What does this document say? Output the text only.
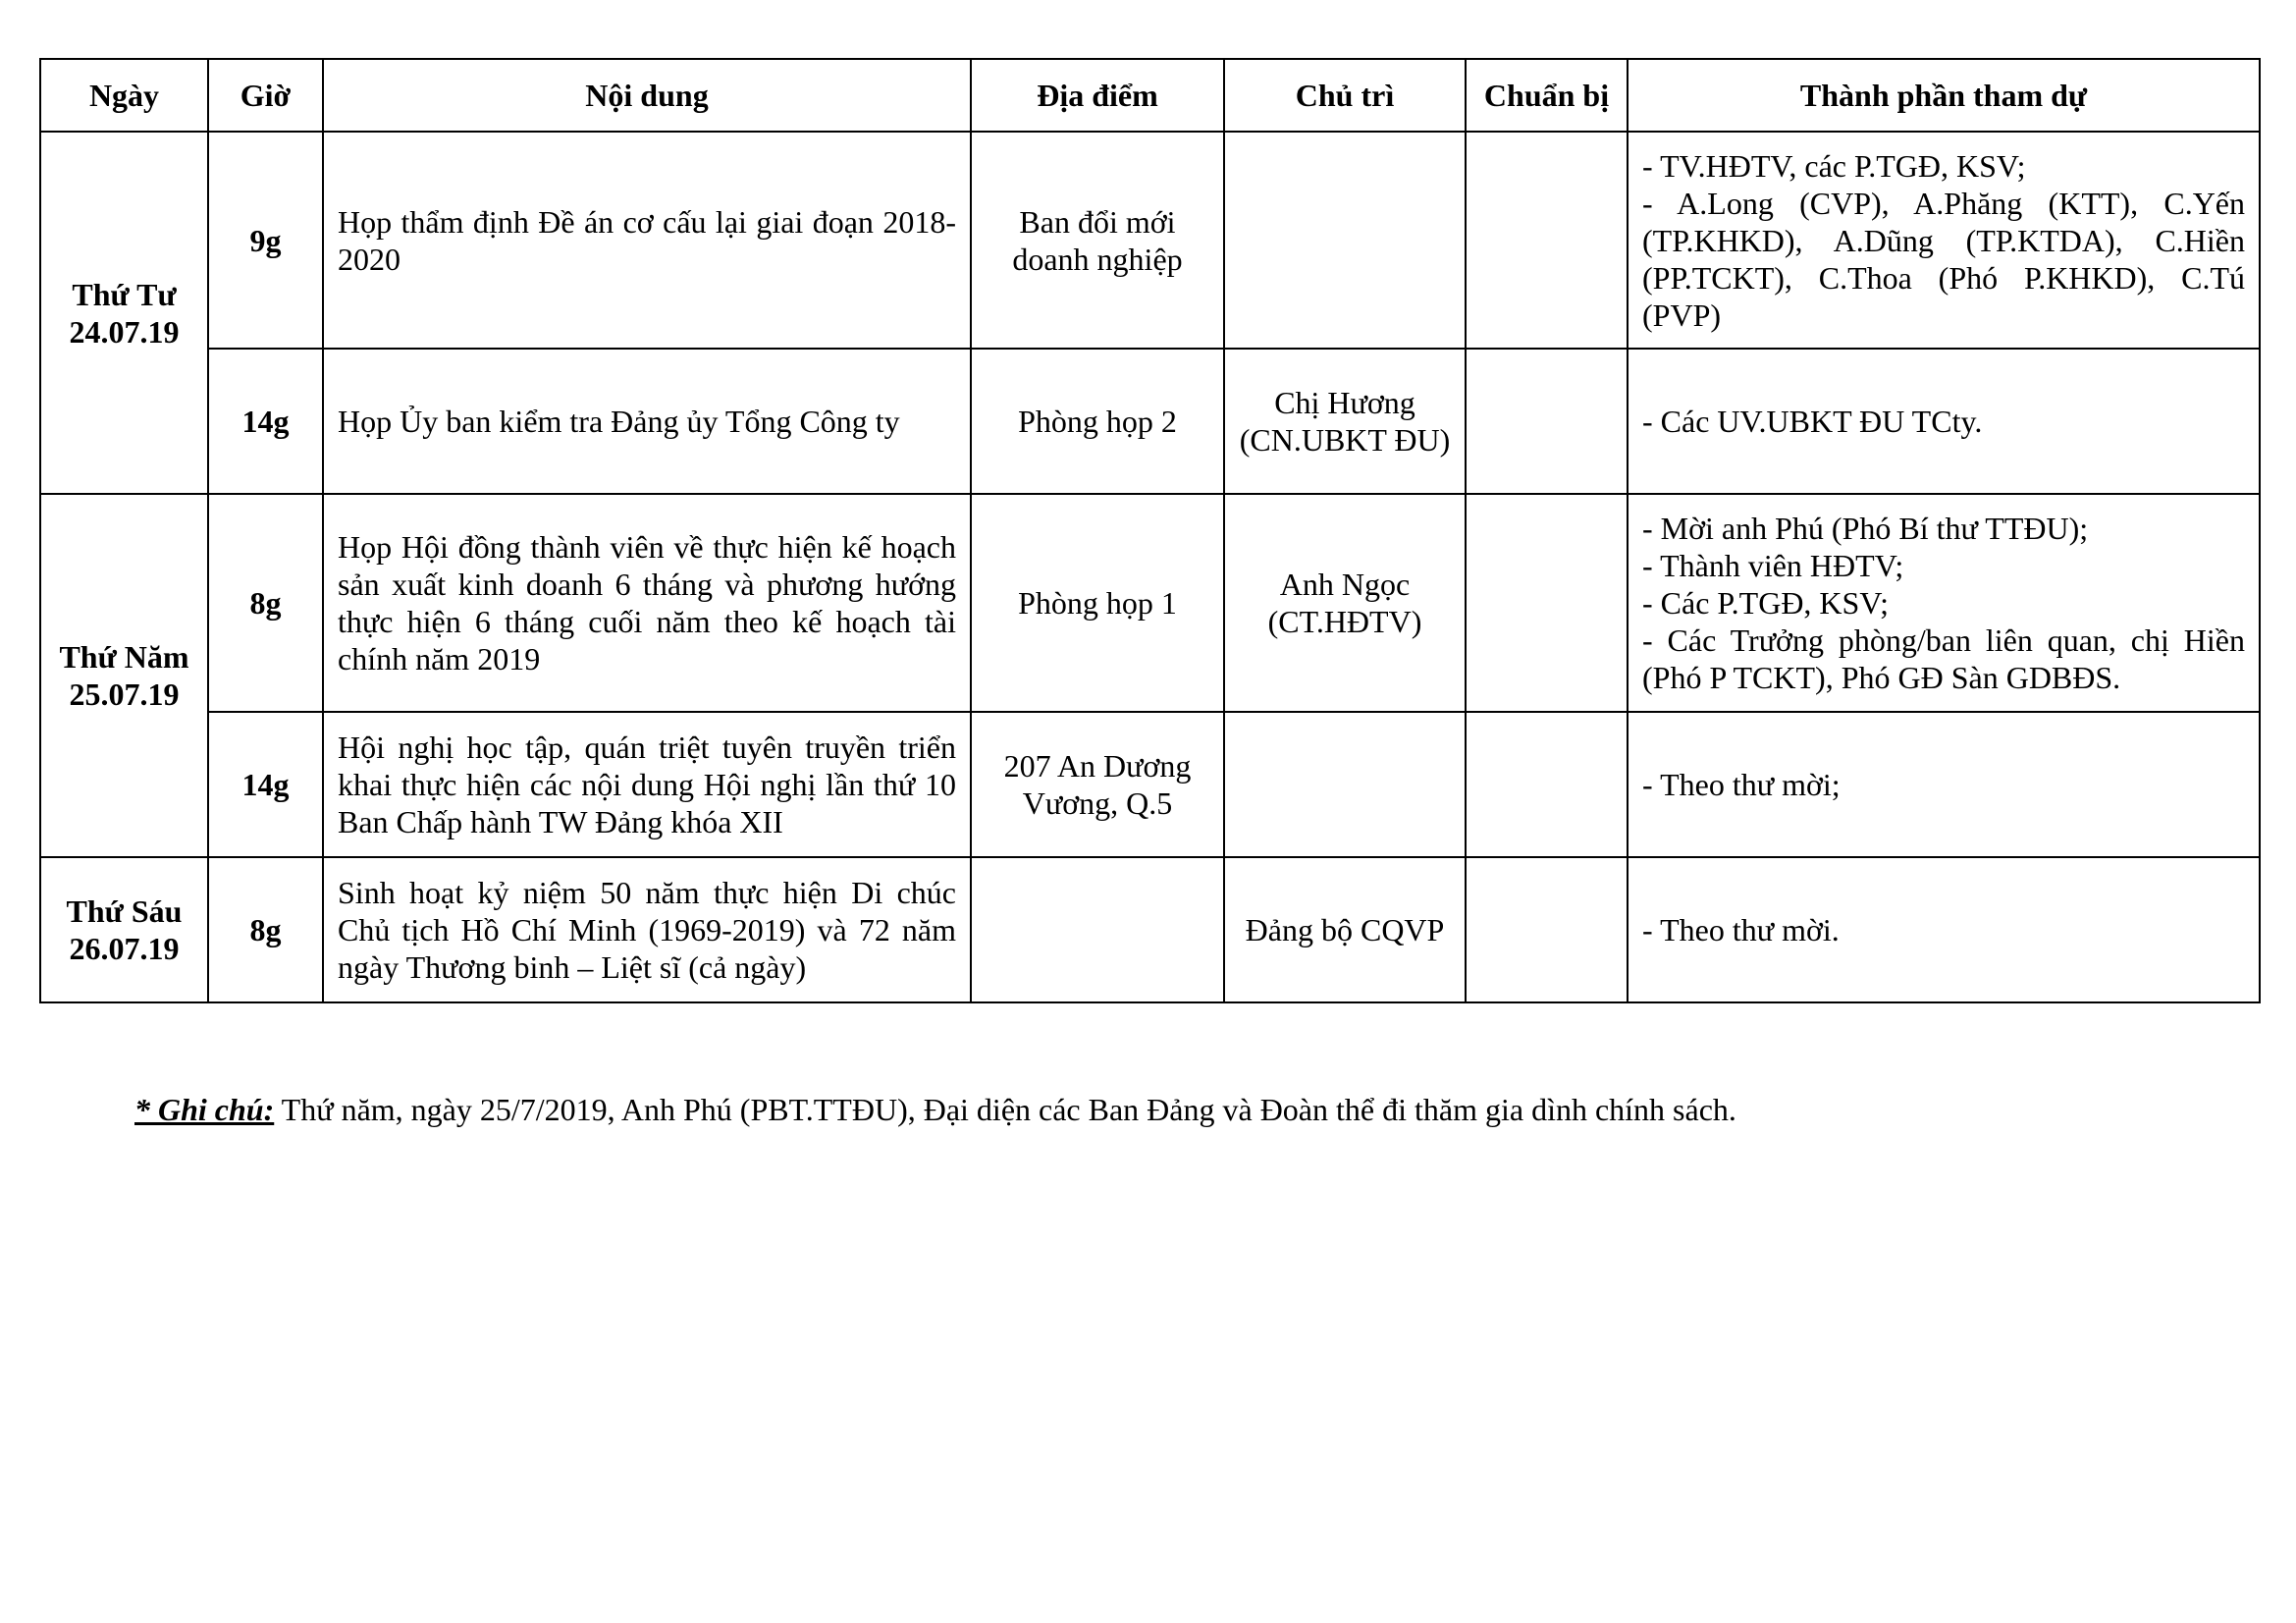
Ngày	Giờ	Nội dung	Địa điểm	Chủ trì	Chuẩn bị	Thành phần tham dự

Thứ Tư
24.07.19	9g	Họp thẩm định Đề án cơ cấu lại giai đoạn 2018-2020	Ban đổi mới doanh nghiệp			- TV.HĐTV, các P.TGĐ, KSV;
- A.Long (CVP), A.Phăng (KTT), C.Yến (TP.KHKD), A.Dũng (TP.KTDA), C.Hiền (PP.TCKT), C.Thoa (Phó P.KHKD), C.Tú (PVP)

	14g	Họp Ủy ban kiểm tra Đảng ủy Tổng Công ty	Phòng họp 2	Chị Hương (CN.UBKT ĐU)		- Các UV.UBKT ĐU TCty.

Thứ Năm
25.07.19	8g	Họp Hội đồng thành viên về thực hiện kế hoạch sản xuất kinh doanh 6 tháng và phương hướng thực hiện 6 tháng cuối năm theo kế hoạch tài chính năm 2019	Phòng họp 1	Anh Ngọc (CT.HĐTV)		- Mời anh Phú (Phó Bí thư TTĐU);
- Thành viên HĐTV;
- Các P.TGĐ, KSV;
- Các Trưởng phòng/ban liên quan, chị Hiền (Phó P TCKT), Phó GĐ Sàn GDBĐS.

	14g	Hội nghị học tập, quán triệt tuyên truyền triển khai thực hiện các nội dung Hội nghị lần thứ 10 Ban Chấp hành TW Đảng khóa XII	207 An Dương Vương, Q.5			- Theo thư mời;

Thứ Sáu
26.07.19	8g	Sinh hoạt kỷ niệm 50 năm thực hiện Di chúc Chủ tịch Hồ Chí Minh (1969-2019) và 72 năm ngày Thương binh – Liệt sĩ (cả ngày)		Đảng bộ CQVP		- Theo thư mời.
* Ghi chú: Thứ năm, ngày 25/7/2019, Anh Phú (PBT.TTĐU), Đại diện các Ban Đảng và Đoàn thể đi thăm gia dình chính sách.
